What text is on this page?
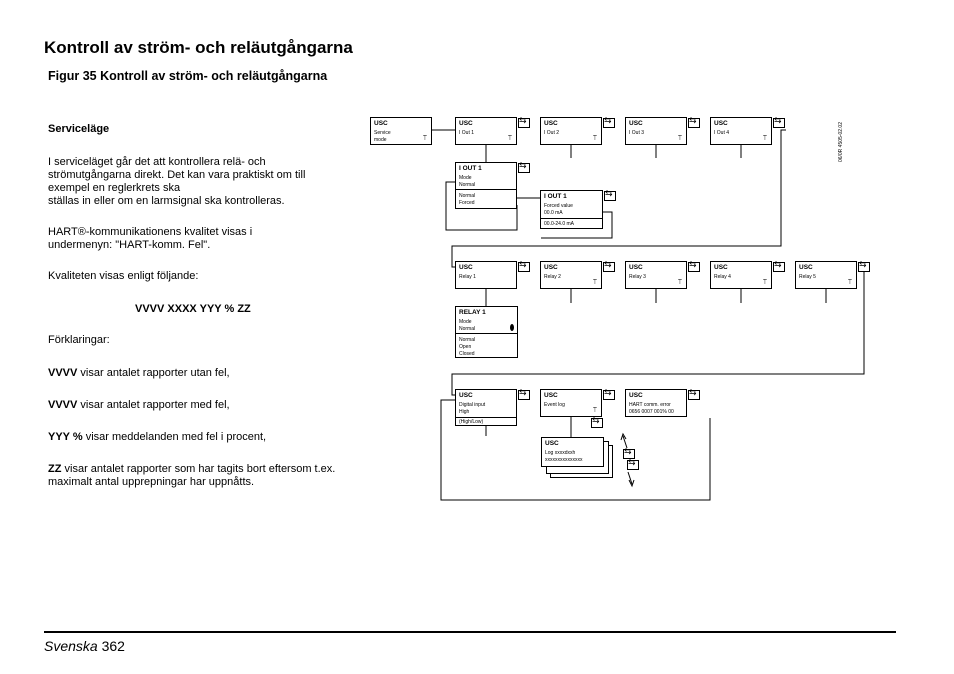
Kontroll av ström- och reläutgångarna
Figur 35 Kontroll av ström- och reläutgångarna
Serviceläge
I serviceläget går det att kontrollera relä- och
strömutgångarna direkt. Det kan vara praktiskt om till
exempel en reglerkrets ska
ställas in eller om en larmsignal ska kontrolleras.
HART®-kommunikationens kvalitet visas i
undermenyn: "HART-komm. Fel".
Kvaliteten visas enligt följande:
VVVV XXXX YYY % ZZ
Förklaringar:
VVVV visar antalet rapporter utan fel,
VVVV visar antalet rapporter med fel,
YYY % visar meddelanden med fel i procent,
ZZ visar antalet rapporter som har tagits bort eftersom t.ex.
maximalt antal upprepningar har uppnåtts.
06/0R 4505-02.02
USC
Service
mode	⟙
USC
I Out 1
⟙
⇆
USC
I Out 2
⟙
⇆
USC
I Out 3
⟙
⇆
USC
I Out 4
⟙
⇆
I OUT 1
Mode
Normal
Normal
Forced
⇆
I OUT 1
Forced value
00.0 mA
00.0-24.0 mA
⇆
USC
Relay 1
⇆
USC
Relay 2
⟙
⇆
USC
Relay 3
⟙
⇆
USC
Relay 4
⟙
⇆
USC
Relay 5
⟙
⇆
RELAY 1
Mode
Normal
Normal
Open
Closed
USC
Digital input
High
(High/Low)
⇆
USC
Event log
⟙
⇆
⇆
USC
HART comm. error
0656 0007 001% 00
⇆
USC
Log xxxxdxxh
xxxxxxxxxxxxxxx
⇆
⇆
Svenska 362
